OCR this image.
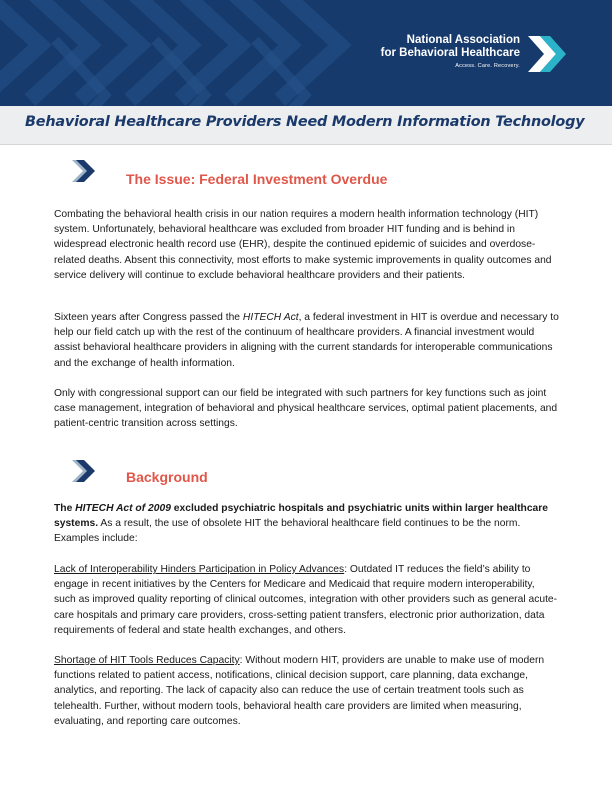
National Association
for Behavioral Healthcare
Access. Care. Recovery.
Behavioral Healthcare Providers Need Modern Information Technology
The Issue: Federal Investment Overdue

Combating the behavioral health crisis in our nation requires a modern health information technology (HIT) system. Unfortunately, behavioral healthcare was excluded from broader HIT funding and is behind in widespread electronic health record use (EHR), despite the continued epidemic of suicides and overdose-related deaths. Absent this connectivity, most efforts to make systemic improvements in quality outcomes and service delivery will continue to exclude behavioral healthcare providers and their patients.

Sixteen years after Congress passed the HITECH Act, a federal investment in HIT is overdue and necessary to help our field catch up with the rest of the continuum of healthcare providers. A financial investment would assist behavioral healthcare providers in aligning with the current standards for interoperable communications and the exchange of health information.

Only with congressional support can our field be integrated with such partners for key functions such as joint case management, integration of behavioral and physical healthcare services, optimal patient placements, and patient-centric transition across settings.

Background

The HITECH Act of 2009 excluded psychiatric hospitals and psychiatric units within larger healthcare systems. As a result, the use of obsolete HIT the behavioral healthcare field continues to be the norm. Examples include:

Lack of Interoperability Hinders Participation in Policy Advances: Outdated IT reduces the field’s ability to engage in recent initiatives by the Centers for Medicare and Medicaid that require modern interoperability, such as improved quality reporting of clinical outcomes, integration with other providers such as general acute-care hospitals and primary care providers, cross-setting patient transfers, electronic prior authorization, data requirements of federal and state health exchanges, and others.

Shortage of HIT Tools Reduces Capacity: Without modern HIT, providers are unable to make use of modern functions related to patient access, notifications, clinical decision support, care planning, data exchange, analytics, and reporting. The lack of capacity also can reduce the use of certain treatment tools such as telehealth. Further, without modern tools, behavioral health care providers are limited when measuring, evaluating, and reporting care outcomes.
